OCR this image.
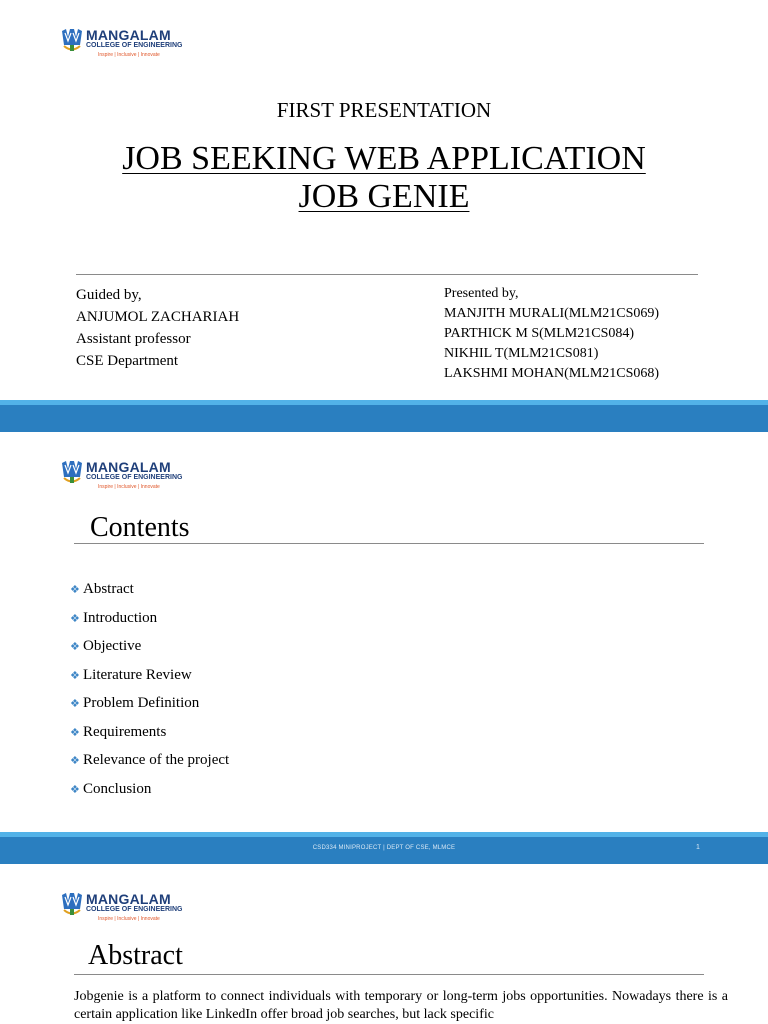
MANGALAM
COLLEGE OF ENGINEERING
Inspire | Inclusive | Innovate
FIRST PRESENTATION
JOB SEEKING WEB APPLICATION
JOB GENIE
Guided by,
ANJUMOL ZACHARIAH
Assistant professor
CSE Department
Presented by,
MANJITH MURALI(MLM21CS069)
PARTHICK M S(MLM21CS084)
NIKHIL T(MLM21CS081)
LAKSHMI MOHAN(MLM21CS068)
MANGALAM
COLLEGE OF ENGINEERING
Inspire | Inclusive | Innovate
Contents
❖ Abstract
❖ Introduction
❖ Objective
❖ Literature Review
❖ Problem Definition
❖ Requirements
❖ Relevance of the project
❖ Conclusion
CSD334 MINIPROJECT | DEPT OF CSE, MLMCE	1
MANGALAM
COLLEGE OF ENGINEERING
Inspire | Inclusive | Innovate
Abstract
Jobgenie is a platform to connect individuals with temporary or long-term jobs opportunities. Nowadays there is a certain application like LinkedIn offer broad job searches, but lack specific
